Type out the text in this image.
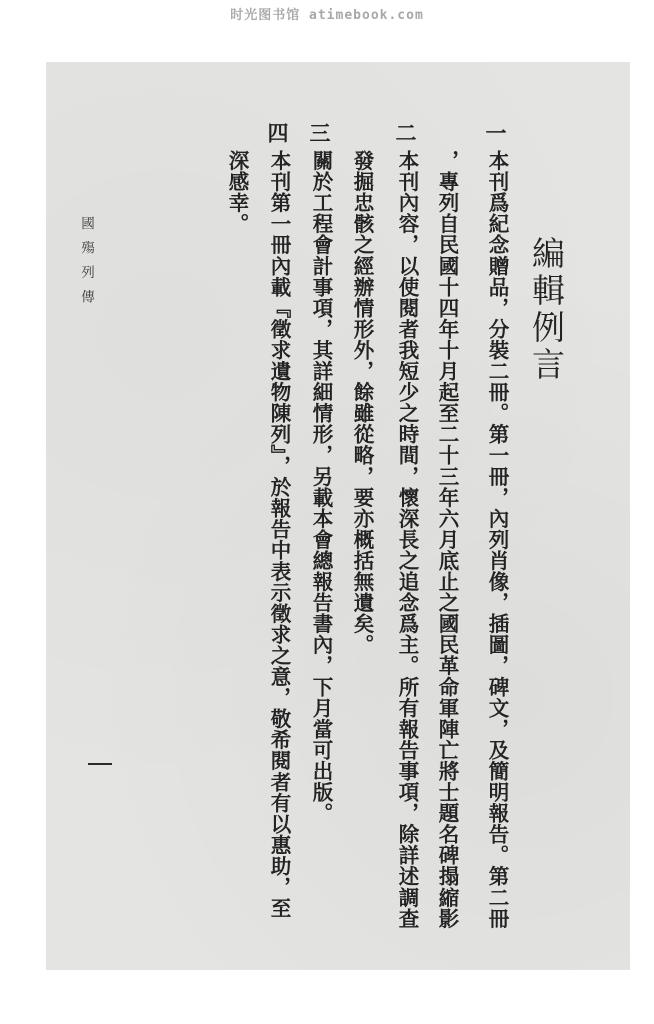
时光图书馆 atimebook.com
編輯例言
一
本刊爲紀念贈品，分裝二冊。第一冊，內列肖像，插圖，碑文，及簡明報告。第二冊
，專列自民國十四年十月起至二十三年六月底止之國民革命軍陣亡將士題名碑搨縮影
二
本刊內容，以使閱者我短少之時間，懷深長之追念爲主。所有報告事項，除詳述調查
發掘忠骸之經辦情形外，餘雖從略，要亦概括無遺矣。
三
關於工程會計事項，其詳細情形，另載本會總報告書內，下月當可出版。
四
本刊第一冊內載『徵求遺物陳列』，於報告中表示徵求之意，敬希閱者有以惠助，至
深感幸。
國殤列傳
